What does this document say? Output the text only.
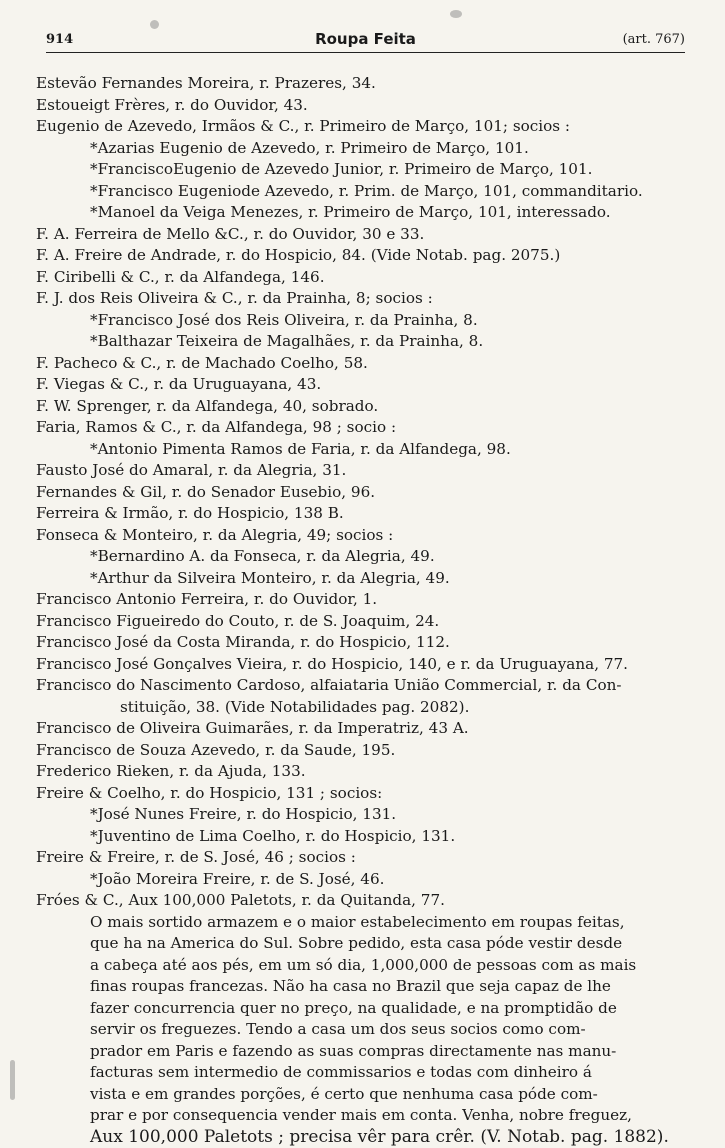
914	Roupa Feita	(art. 767)
Estevão Fernandes Moreira, r. Prazeres, 34.
Estoueigt Frères, r. do Ouvidor, 43.
Eugenio de Azevedo, Irmãos & C., r. Primeiro de Março, 101; socios :
*Azarias Eugenio de Azevedo, r. Primeiro de Março, 101.
*FranciscoEugenio de Azevedo Junior, r. Primeiro de Março, 101.
*Francisco Eugeniode Azevedo, r. Prim. de Março, 101, commanditario.
*Manoel da Veiga Menezes, r. Primeiro de Março, 101, interessado.
F. A. Ferreira de Mello &C., r. do Ouvidor, 30 e 33.
F. A. Freire de Andrade, r. do Hospicio, 84. (Vide Notab. pag. 2075.)
F. Ciribelli & C., r. da Alfandega, 146.
F. J. dos Reis Oliveira & C., r. da Prainha, 8; socios :
*Francisco José dos Reis Oliveira, r. da Prainha, 8.
*Balthazar Teixeira de Magalhães, r. da Prainha, 8.
F. Pacheco & C., r. de Machado Coelho, 58.
F. Viegas & C., r. da Uruguayana, 43.
F. W. Sprenger, r. da Alfandega, 40, sobrado.
Faria, Ramos & C., r. da Alfandega, 98 ; socio :
*Antonio Pimenta Ramos de Faria, r. da Alfandega, 98.
Fausto José do Amaral, r. da Alegria, 31.
Fernandes & Gil, r. do Senador Eusebio, 96.
Ferreira & Irmão, r. do Hospicio, 138 B.
Fonseca & Monteiro, r. da Alegria, 49; socios :
*Bernardino A. da Fonseca, r. da Alegria, 49.
*Arthur da Silveira Monteiro, r. da Alegria, 49.
Francisco Antonio Ferreira, r. do Ouvidor, 1.
Francisco Figueiredo do Couto, r. de S. Joaquim, 24.
Francisco José da Costa Miranda, r. do Hospicio, 112.
Francisco José Gonçalves Vieira, r. do Hospicio, 140, e r. da Uruguayana, 77.
Francisco do Nascimento Cardoso, alfaiataria União Commercial, r. da Con-
stituição, 38. (Vide Notabilidades pag. 2082).
Francisco de Oliveira Guimarães, r. da Imperatriz, 43 A.
Francisco de Souza Azevedo, r. da Saude, 195.
Frederico Rieken, r. da Ajuda, 133.
Freire & Coelho, r. do Hospicio, 131 ; socios:
*José Nunes Freire, r. do Hospicio, 131.
*Juventino de Lima Coelho, r. do Hospicio, 131.
Freire & Freire, r. de S. José, 46 ; socios :
*João Moreira Freire, r. de S. José, 46.
Fróes & C., Aux 100,000 Paletots, r. da Quitanda, 77.
O mais sortido armazem e o maior estabelecimento em roupas feitas,
que ha na America do Sul. Sobre pedido, esta casa póde vestir desde
a cabeça até aos pés, em um só dia, 1,000,000 de pessoas com as mais
finas roupas francezas. Não ha casa no Brazil que seja capaz de lhe
fazer concurrencia quer no preço, na qualidade, e na promptidão de
servir os freguezes. Tendo a casa um dos seus socios como com-
prador em Paris e fazendo as suas compras directamente nas manu-
facturas sem intermedio de commissarios e todas com dinheiro á
vista e em grandes porções, é certo que nenhuma casa póde com-
prar e por consequencia vender mais em conta. Venha, nobre freguez,
Aux 100,000 Paletots ; precisa vêr para crêr. (V. Notab. pag. 1882).
